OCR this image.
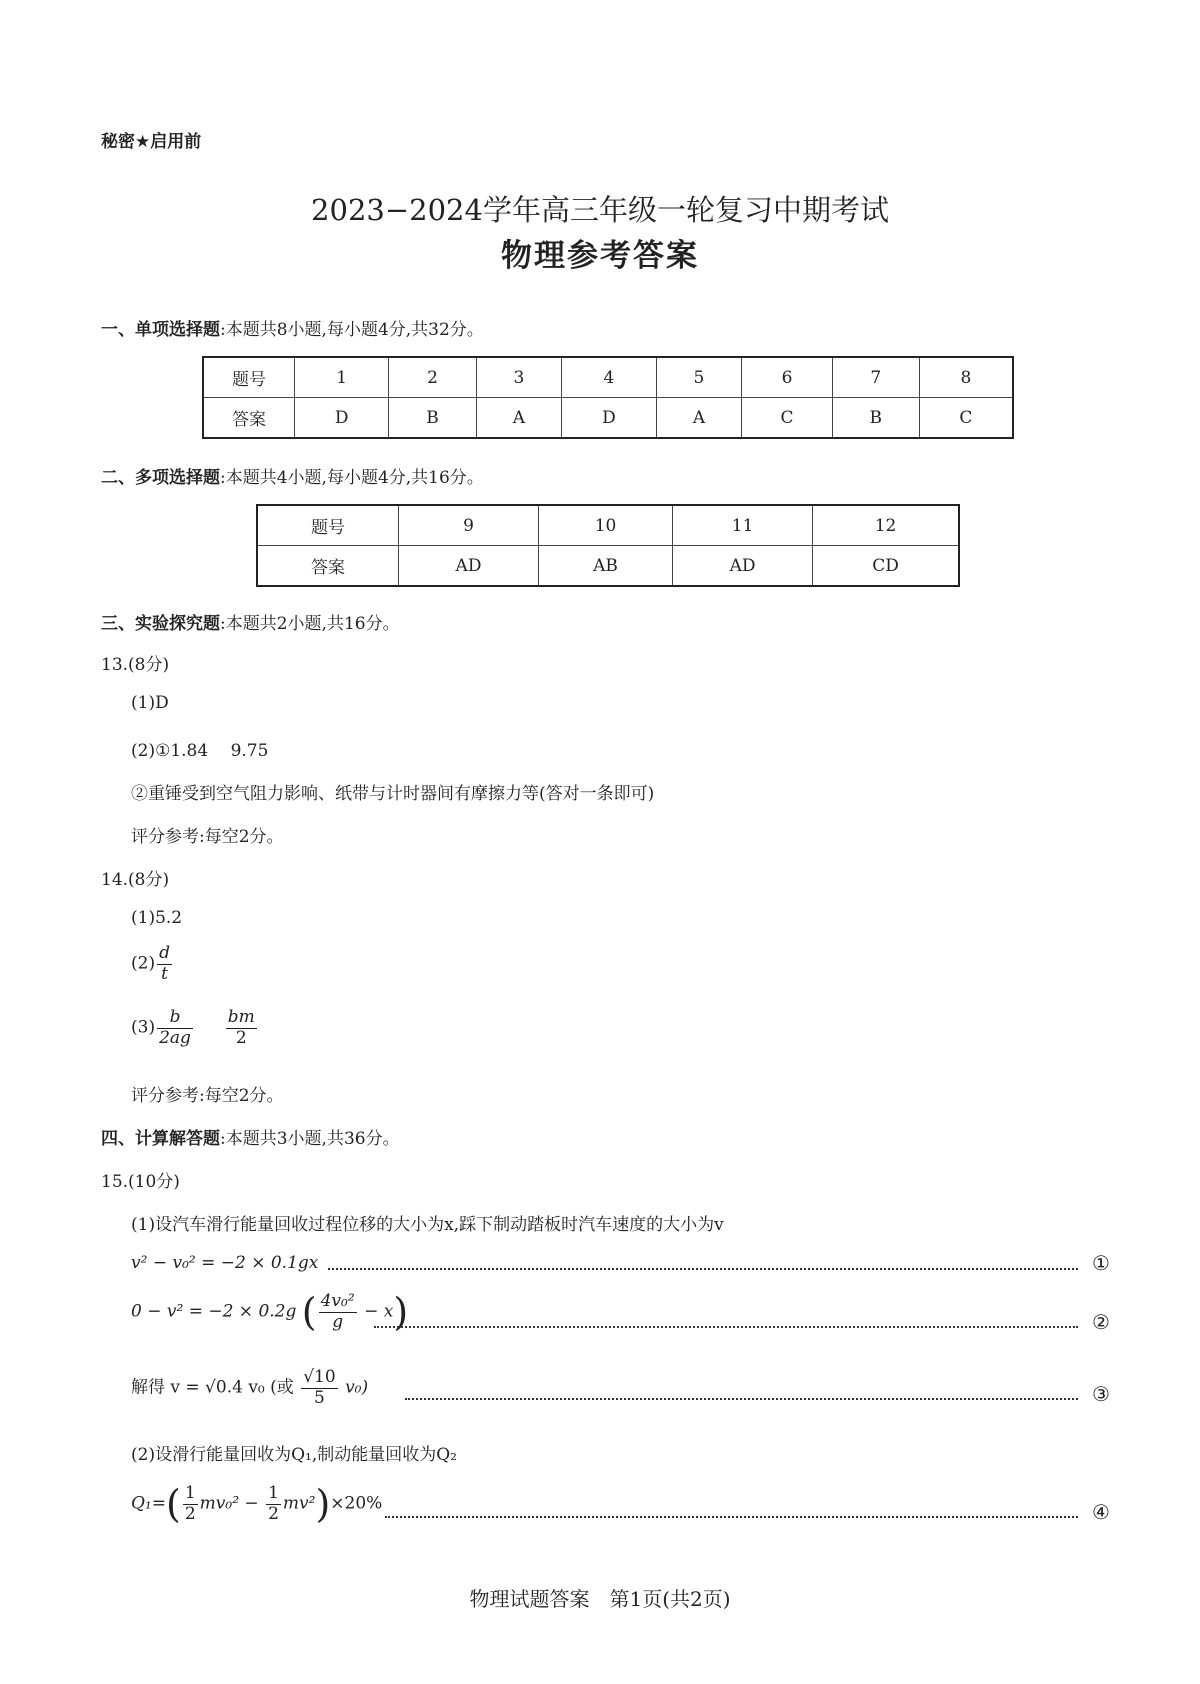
秘密★启用前
2023−2024学年高三年级一轮复习中期考试
物理参考答案
一、单项选择题:本题共8小题,每小题4分,共32分。
题号	1	2	3	4	5	6	7	8
答案	D	B	A	D	A	C	B	C
二、多项选择题:本题共4小题,每小题4分,共16分。
题号	9	10	11	12
答案	AD	AB	AD	CD
三、实验探究题:本题共2小题,共16分。
13.(8分)
(1)D
(2)①1.84　 9.75
②重锤受到空气阻力影响、纸带与计时器间有摩擦力等(答对一条即可)
评分参考:每空2分。
14.(8分)
(1)5.2
$(2) \frac{d}{t}$
$(3) \frac{b}{2ag}$
$\frac{bm}{2}$
评分参考:每空2分。
四、计算解答题:本题共3小题,共36分。
15.(10分)
(1)设汽车滑行能量回收过程位移的大小为x,踩下制动踏板时汽车速度的大小为v
v² − v₀² = −2 × 0.1gx	①
0 − v² = −2 × 0.2g ( $\frac{\text{4v₀²}}{g} - x$)	②
解得 v = √0.4 v₀ (或 $\frac{√10}{5} v_0$)	③
(2)设滑行能量回收为Q₁,制动能量回收为Q₂
$Q_1=( \frac{1}{2} mv_0^2 - \frac{1}{2} mv^2)\times 20\%$	④
物理试题答案　第1页(共2页)
